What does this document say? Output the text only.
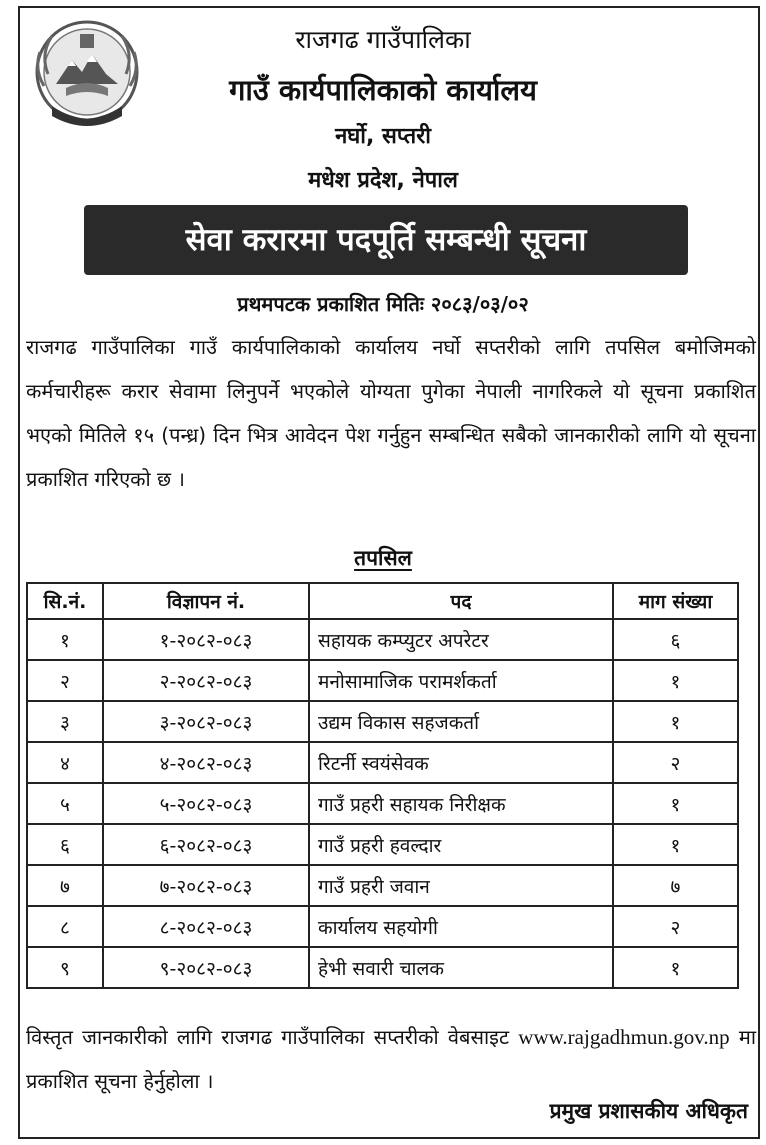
राजगढ गाउँपालिका
गाउँ कार्यपालिकाको कार्यालय
नर्घो, सप्तरी
मधेश प्रदेश, नेपाल
सेवा करारमा पदपूर्ति सम्बन्धी सूचना
प्रथमपटक प्रकाशित मितिः २०८३/०३/०२
राजगढ गाउँपालिका गाउँ कार्यपालिकाको कार्यालय नर्घो सप्तरीको लागि तपसिल बमोजिमको कर्मचारीहरू करार सेवामा लिनुपर्ने भएकोले योग्यता पुगेका नेपाली नागरिकले यो सूचना प्रकाशित भएको मितिले १५ (पन्ध्र) दिन भित्र आवेदन पेश गर्नुहुन सम्बन्धित सबैको जानकारीको लागि यो सूचना प्रकाशित गरिएको छ ।
तपसिल
सि.नं.	विज्ञापन नं.	पद	माग संख्या
१	१-२०८२-०८३	सहायक कम्प्युटर अपरेटर	६
२	२-२०८२-०८३	मनोसामाजिक परामर्शकर्ता	१
३	३-२०८२-०८३	उद्यम विकास सहजकर्ता	१
४	४-२०८२-०८३	रिटर्नी स्वयंसेवक	२
५	५-२०८२-०८३	गाउँ प्रहरी सहायक निरीक्षक	१
६	६-२०८२-०८३	गाउँ प्रहरी हवल्दार	१
७	७-२०८२-०८३	गाउँ प्रहरी जवान	७
८	८-२०८२-०८३	कार्यालय सहयोगी	२
९	९-२०८२-०८३	हेभी सवारी चालक	१
विस्तृत जानकारीको लागि राजगढ गाउँपालिका सप्तरीको वेबसाइट www.rajgadhmun.gov.np मा प्रकाशित सूचना हेर्नुहोला ।
प्रमुख प्रशासकीय अधिकृत
